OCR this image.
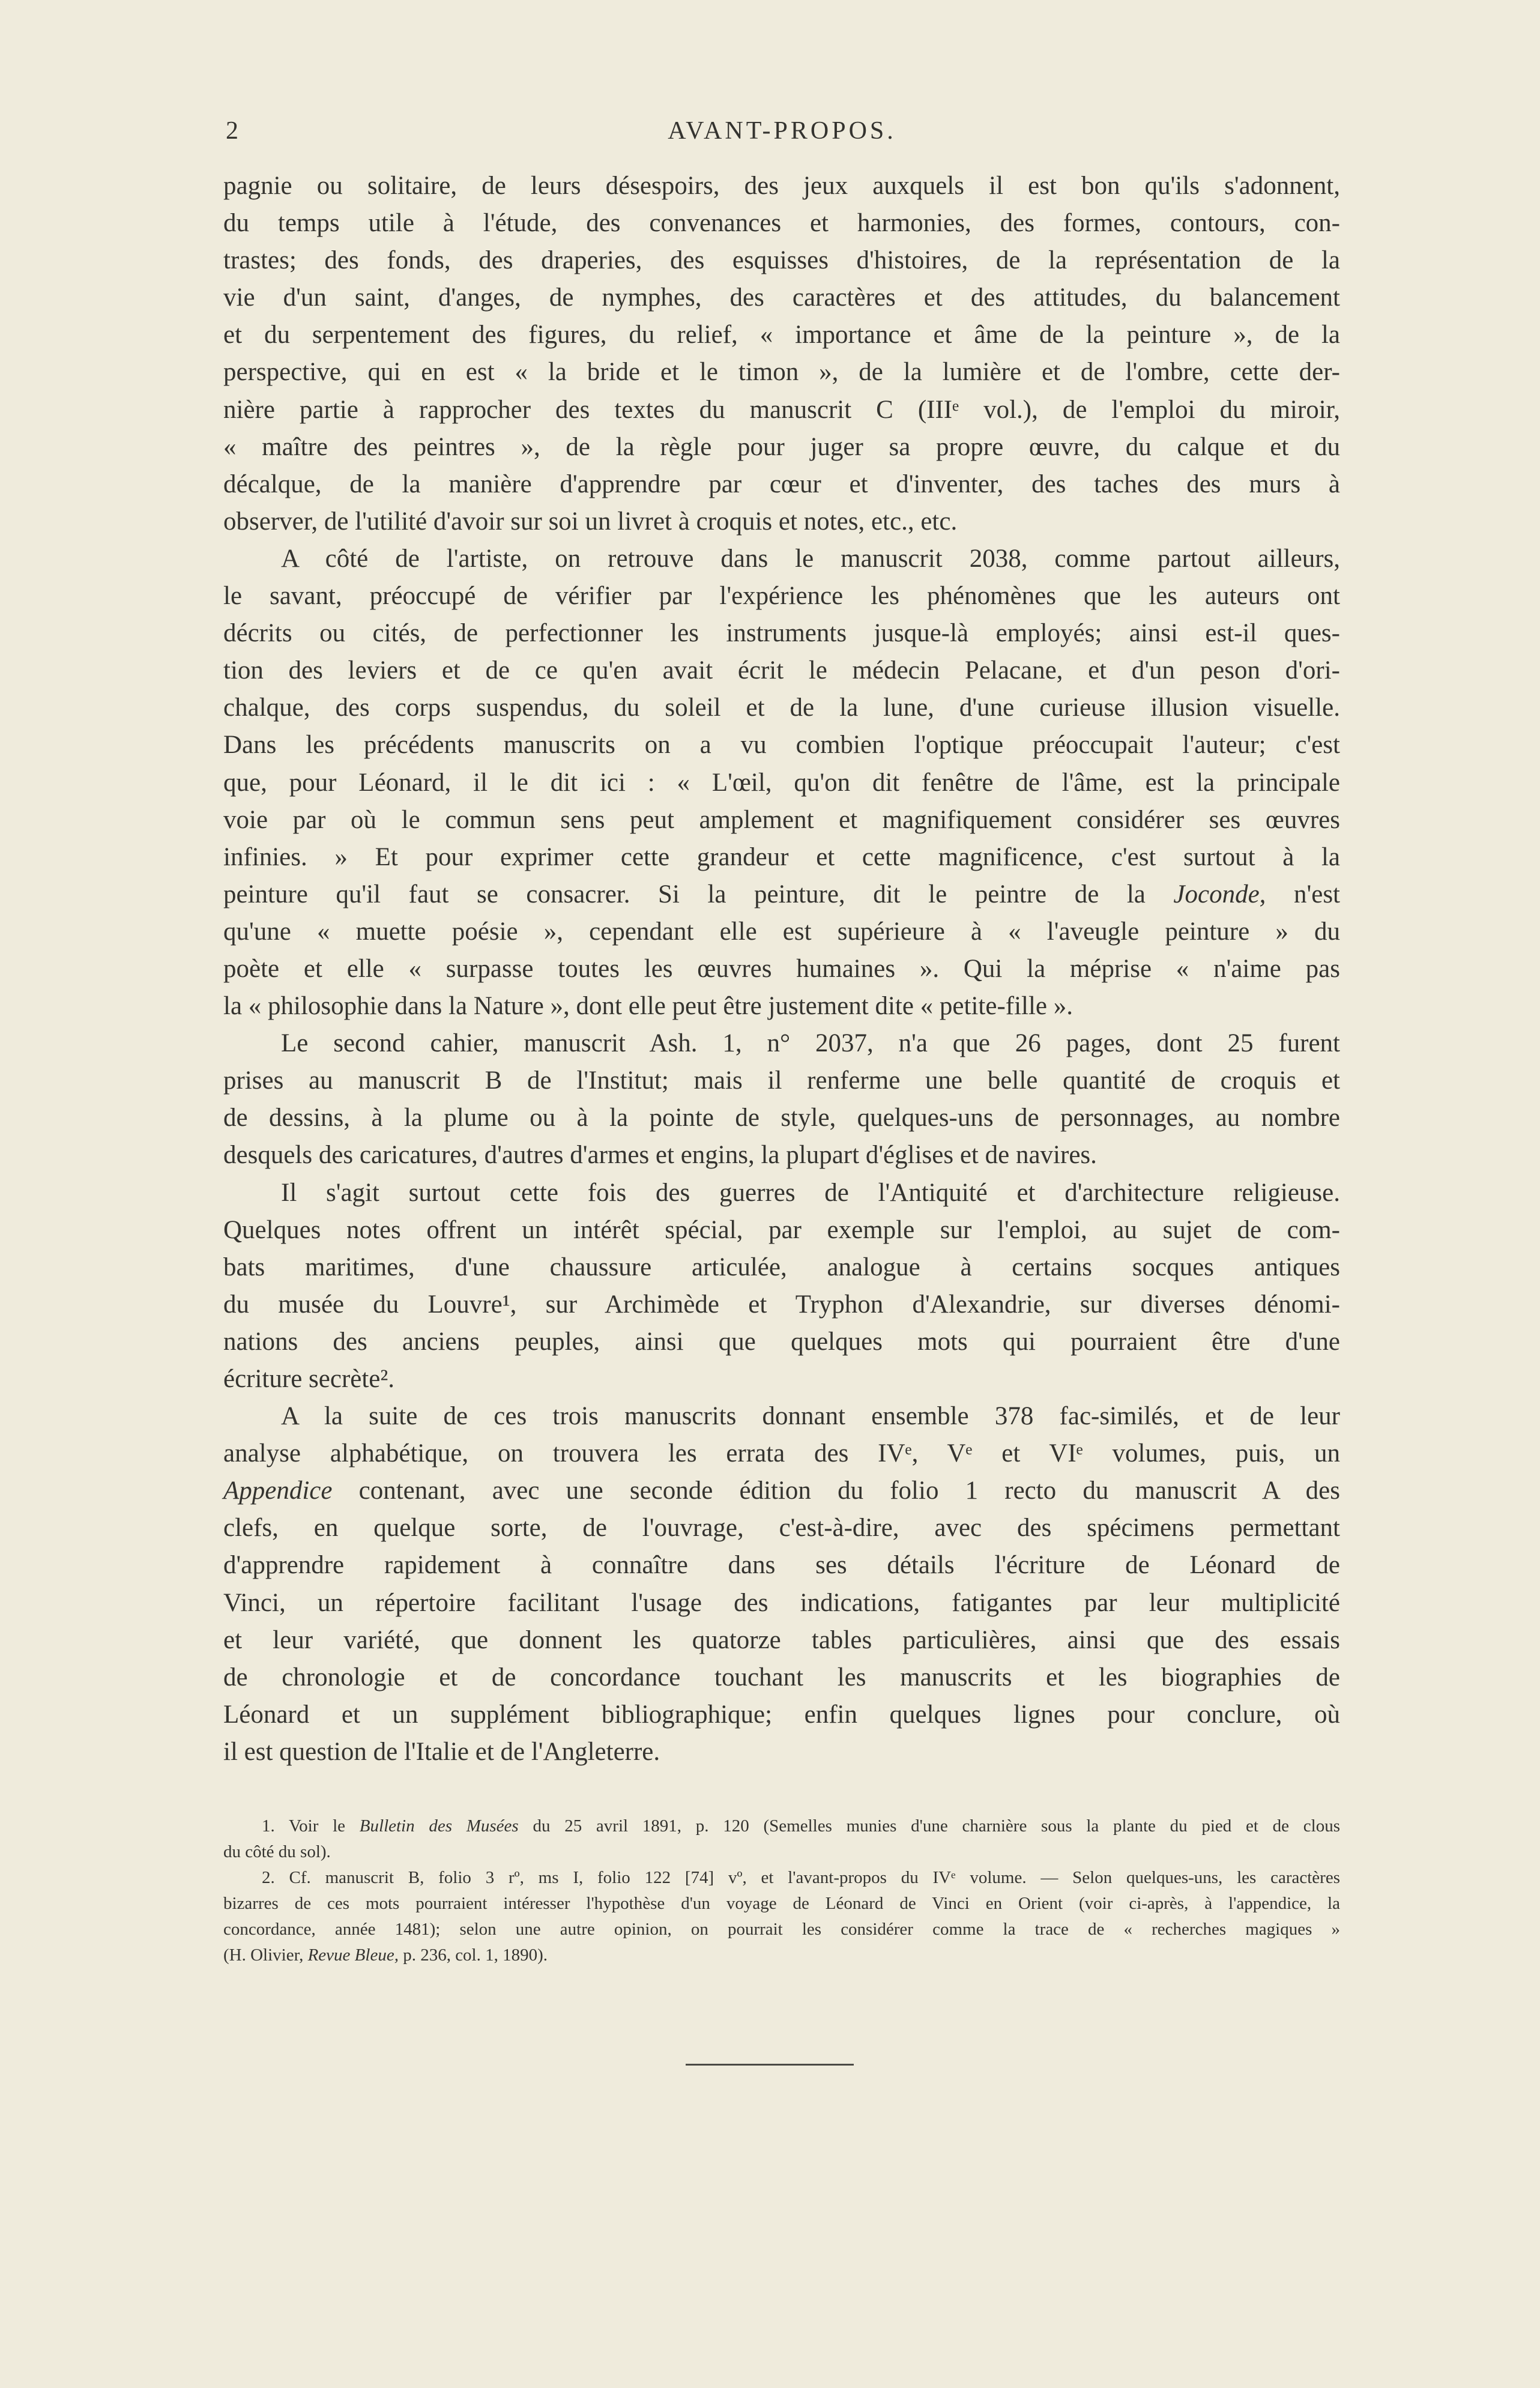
2	AVANT-PROPOS.
pagnie ou solitaire, de leurs désespoirs, des jeux auxquels il est bon qu'ils s'adonnent,
du temps utile à l'étude, des convenances et harmonies, des formes, contours, con-
trastes; des fonds, des draperies, des esquisses d'histoires, de la représentation de la
vie d'un saint, d'anges, de nymphes, des caractères et des attitudes, du balancement
et du serpentement des figures, du relief, « importance et âme de la peinture », de la
perspective, qui en est « la bride et le timon », de la lumière et de l'ombre, cette der-
nière partie à rapprocher des textes du manuscrit C (IIIᵉ vol.), de l'emploi du miroir,
« maître des peintres », de la règle pour juger sa propre œuvre, du calque et du
décalque, de la manière d'apprendre par cœur et d'inventer, des taches des murs à
observer, de l'utilité d'avoir sur soi un livret à croquis et notes, etc., etc.
A côté de l'artiste, on retrouve dans le manuscrit 2038, comme partout ailleurs,
le savant, préoccupé de vérifier par l'expérience les phénomènes que les auteurs ont
décrits ou cités, de perfectionner les instruments jusque-là employés; ainsi est-il ques-
tion des leviers et de ce qu'en avait écrit le médecin Pelacane, et d'un peson d'ori-
chalque, des corps suspendus, du soleil et de la lune, d'une curieuse illusion visuelle.
Dans les précédents manuscrits on a vu combien l'optique préoccupait l'auteur; c'est
que, pour Léonard, il le dit ici : « L'œil, qu'on dit fenêtre de l'âme, est la principale
voie par où le commun sens peut amplement et magnifiquement considérer ses œuvres
infinies. » Et pour exprimer cette grandeur et cette magnificence, c'est surtout à la
peinture qu'il faut se consacrer. Si la peinture, dit le peintre de la Joconde, n'est
qu'une « muette poésie », cependant elle est supérieure à « l'aveugle peinture » du
poète et elle « surpasse toutes les œuvres humaines ». Qui la méprise « n'aime pas
la « philosophie dans la Nature », dont elle peut être justement dite « petite-fille ».
Le second cahier, manuscrit Ash. 1, n° 2037, n'a que 26 pages, dont 25 furent
prises au manuscrit B de l'Institut; mais il renferme une belle quantité de croquis et
de dessins, à la plume ou à la pointe de style, quelques-uns de personnages, au nombre
desquels des caricatures, d'autres d'armes et engins, la plupart d'églises et de navires.
Il s'agit surtout cette fois des guerres de l'Antiquité et d'architecture religieuse.
Quelques notes offrent un intérêt spécial, par exemple sur l'emploi, au sujet de com-
bats maritimes, d'une chaussure articulée, analogue à certains socques antiques
du musée du Louvre¹, sur Archimède et Tryphon d'Alexandrie, sur diverses dénomi-
nations des anciens peuples, ainsi que quelques mots qui pourraient être d'une
écriture secrète².
A la suite de ces trois manuscrits donnant ensemble 378 fac-similés, et de leur
analyse alphabétique, on trouvera les errata des IVᵉ, Vᵉ et VIᵉ volumes, puis, un
Appendice contenant, avec une seconde édition du folio 1 recto du manuscrit A des
clefs, en quelque sorte, de l'ouvrage, c'est-à-dire, avec des spécimens permettant
d'apprendre rapidement à connaître dans ses détails l'écriture de Léonard de
Vinci, un répertoire facilitant l'usage des indications, fatigantes par leur multiplicité
et leur variété, que donnent les quatorze tables particulières, ainsi que des essais
de chronologie et de concordance touchant les manuscrits et les biographies de
Léonard et un supplément bibliographique; enfin quelques lignes pour conclure, où
il est question de l'Italie et de l'Angleterre.
1. Voir le Bulletin des Musées du 25 avril 1891, p. 120 (Semelles munies d'une charnière sous la plante du pied et de clous
du côté du sol).
2. Cf. manuscrit B, folio 3 rº, ms I, folio 122 [74] vº, et l'avant-propos du IVᵉ volume. — Selon quelques-uns, les caractères
bizarres de ces mots pourraient intéresser l'hypothèse d'un voyage de Léonard de Vinci en Orient (voir ci-après, à l'appendice, la
concordance, année 1481); selon une autre opinion, on pourrait les considérer comme la trace de « recherches magiques »
(H. Olivier, Revue Bleue, p. 236, col. 1, 1890).
